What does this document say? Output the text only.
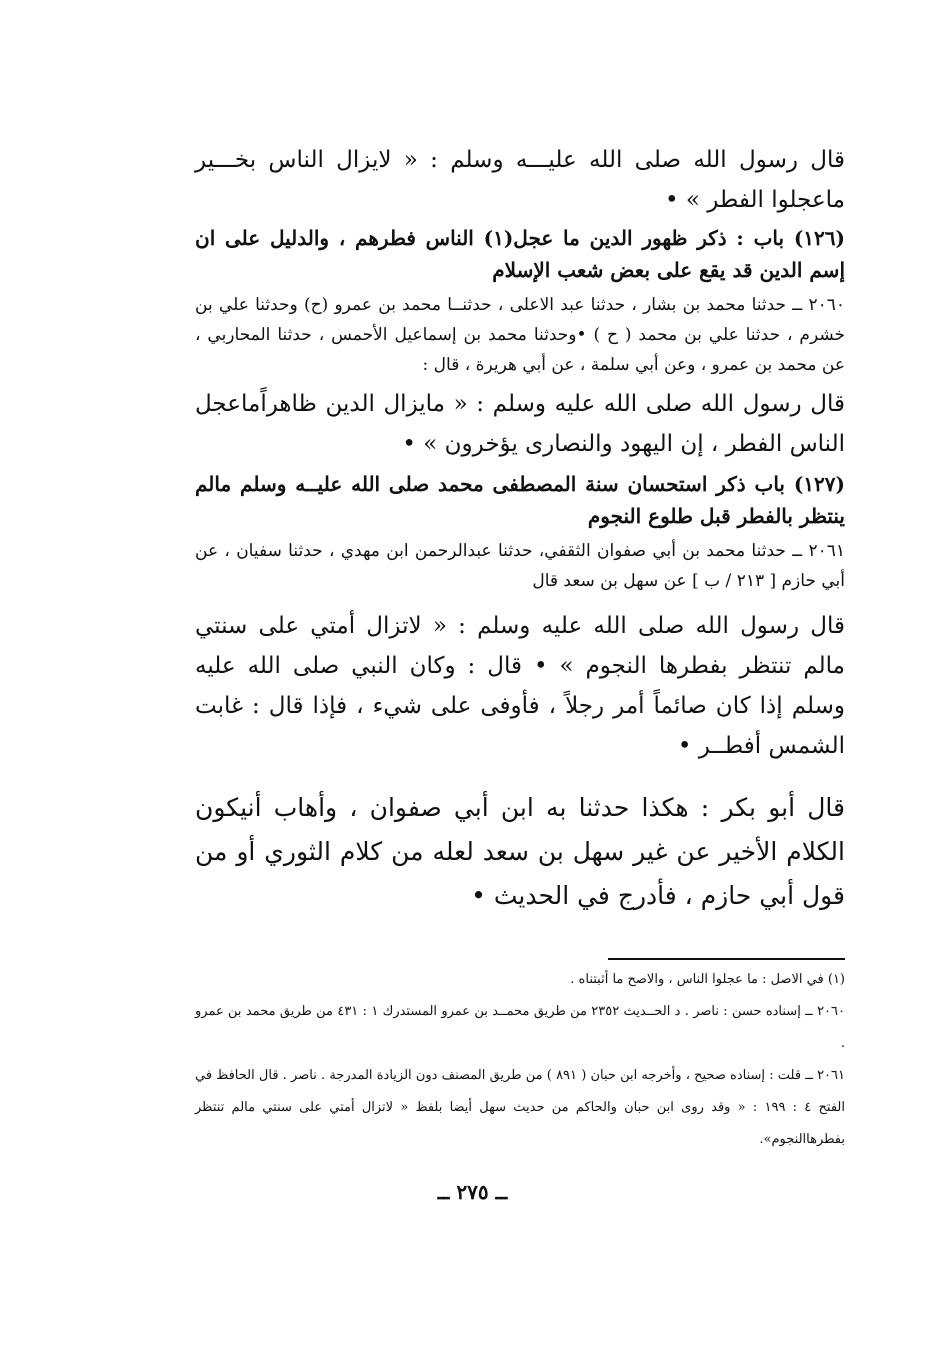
قال رسول الله صلى الله عليـــه وسلم : « لايزال الناس بخـــير ماعجلوا الفطر » •

(١٢٦) باب : ذكر ظهور الدين ما عجل(١) الناس فطرهم ، والدليل على ان إسم الدين قد يقع على بعض شعب الإسلام

٢٠٦٠ ــ حدثنا محمد بن بشار ، حدثنا عبد الاعلى ، حدثنــا محمد بن عمرو (ح) وحدثنا علي بن خشرم ، حدثنا علي بن محمد ( ح ) •وحدثنا محمد بن إسماعيل الأحمس ، حدثنا المحاربي ، عن محمد بن عمرو ، وعن أبي سلمة ، عن أبي هريرة ، قال :

قال رسول الله صلى الله عليه وسلم : « مايزال الدين ظاهراًماعجل الناس الفطر ، إن اليهود والنصارى يؤخرون » •

(١٢٧) باب ذكر استحسان سنة المصطفى محمد صلى الله عليــه وسلم مالم ينتظر بالفطر قبل طلوع النجوم

٢٠٦١ ــ حدثنا محمد بن أبي صفوان الثقفي، حدثنا عبدالرحمن ابن مهدي ، حدثنا سفيان ، عن أبي حازم [ ٢١٣ / ب ] عن سهل بن سعد قال

قال رسول الله صلى الله عليه وسلم : « لاتزال أمتي على سنتي مالم تنتظر بفطرها النجوم » • قال : وكان النبي صلى الله عليه وسلم إذا كان صائماً أمر رجلاً ، فأوفى على شيء ، فإذا قال : غابت الشمس أفطــر •

قال أبو بكر : هكذا حدثنا به ابن أبي صفوان ، وأهاب أنيكون الكلام الأخير عن غير سهل بن سعد لعله من كلام الثوري أو من قول أبي حازم ، فأدرج في الحديث •

(١) في الاصل : ما عجلوا الناس ، والاصح ما أثبتناه .

٢٠٦٠ ــ إسناده حسن : ناصر . د الحــديث ٢٣٥٢ من طريق محمــد بن عمرو المستدرك ١ : ٤٣١ من طريق محمد بن عمرو .

٢٠٦١ ــ قلت : إسناده صحيح ، وأخرجه ابن حبان ( ٨٩١ ) من طريق المصنف دون الزيادة المدرجة . ناصر . قال الحافظ في الفتح ٤ : ١٩٩ : « وقد روى ابن حبان والحاكم من حديث سهل أيضا بلفظ « لاتزال أمتي على سنتي مالم تنتظر بفطرهاالنجوم».

ــ ٢٧٥ ــ
